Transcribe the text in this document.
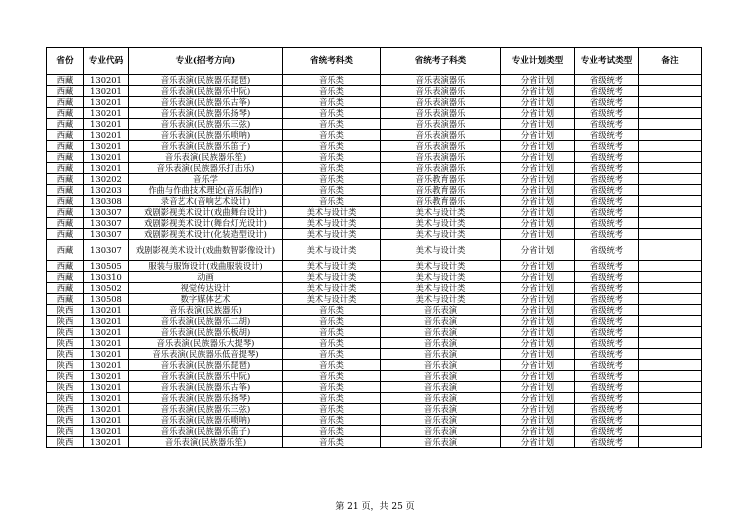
省份	专业代码	专业(招考方向)	省统考科类	省统考子科类	专业计划类型	专业考试类型	备注
西藏	130201	音乐表演(民族器乐琵琶)	音乐类	音乐表演器乐	分省计划	省级统考	
西藏	130201	音乐表演(民族器乐中阮)	音乐类	音乐表演器乐	分省计划	省级统考	
西藏	130201	音乐表演(民族器乐古筝)	音乐类	音乐表演器乐	分省计划	省级统考	
西藏	130201	音乐表演(民族器乐扬琴)	音乐类	音乐表演器乐	分省计划	省级统考	
西藏	130201	音乐表演(民族器乐三弦)	音乐类	音乐表演器乐	分省计划	省级统考	
西藏	130201	音乐表演(民族器乐唢呐)	音乐类	音乐表演器乐	分省计划	省级统考	
西藏	130201	音乐表演(民族器乐笛子)	音乐类	音乐表演器乐	分省计划	省级统考	
西藏	130201	音乐表演(民族器乐笙)	音乐类	音乐表演器乐	分省计划	省级统考	
西藏	130201	音乐表演(民族器乐打击乐)	音乐类	音乐表演器乐	分省计划	省级统考	
西藏	130202	音乐学	音乐类	音乐教育器乐	分省计划	省级统考	
西藏	130203	作曲与作曲技术理论(音乐制作)	音乐类	音乐教育器乐	分省计划	省级统考	
西藏	130308	录音艺术(音响艺术设计)	音乐类	音乐教育器乐	分省计划	省级统考	
西藏	130307	戏剧影视美术设计(戏曲舞台设计)	美术与设计类	美术与设计类	分省计划	省级统考	
西藏	130307	戏剧影视美术设计(舞台灯光设计)	美术与设计类	美术与设计类	分省计划	省级统考	
西藏	130307	戏剧影视美术设计(化装造型设计)	美术与设计类	美术与设计类	分省计划	省级统考	
西藏	130307	戏剧影视美术设计(戏曲数智影像设计)	美术与设计类	美术与设计类	分省计划	省级统考	
西藏	130505	服装与服饰设计(戏曲服装设计)	美术与设计类	美术与设计类	分省计划	省级统考	
西藏	130310	动画	美术与设计类	美术与设计类	分省计划	省级统考	
西藏	130502	视觉传达设计	美术与设计类	美术与设计类	分省计划	省级统考	
西藏	130508	数字媒体艺术	美术与设计类	美术与设计类	分省计划	省级统考	
陕西	130201	音乐表演(民族器乐)	音乐类	音乐表演	分省计划	省级统考	
陕西	130201	音乐表演(民族器乐二胡)	音乐类	音乐表演	分省计划	省级统考	
陕西	130201	音乐表演(民族器乐板胡)	音乐类	音乐表演	分省计划	省级统考	
陕西	130201	音乐表演(民族器乐大提琴)	音乐类	音乐表演	分省计划	省级统考	
陕西	130201	音乐表演(民族器乐低音提琴)	音乐类	音乐表演	分省计划	省级统考	
陕西	130201	音乐表演(民族器乐琵琶)	音乐类	音乐表演	分省计划	省级统考	
陕西	130201	音乐表演(民族器乐中阮)	音乐类	音乐表演	分省计划	省级统考	
陕西	130201	音乐表演(民族器乐古筝)	音乐类	音乐表演	分省计划	省级统考	
陕西	130201	音乐表演(民族器乐扬琴)	音乐类	音乐表演	分省计划	省级统考	
陕西	130201	音乐表演(民族器乐三弦)	音乐类	音乐表演	分省计划	省级统考	
陕西	130201	音乐表演(民族器乐唢呐)	音乐类	音乐表演	分省计划	省级统考	
陕西	130201	音乐表演(民族器乐笛子)	音乐类	音乐表演	分省计划	省级统考	
陕西	130201	音乐表演(民族器乐笙)	音乐类	音乐表演	分省计划	省级统考	
第 21 页，共 25 页
